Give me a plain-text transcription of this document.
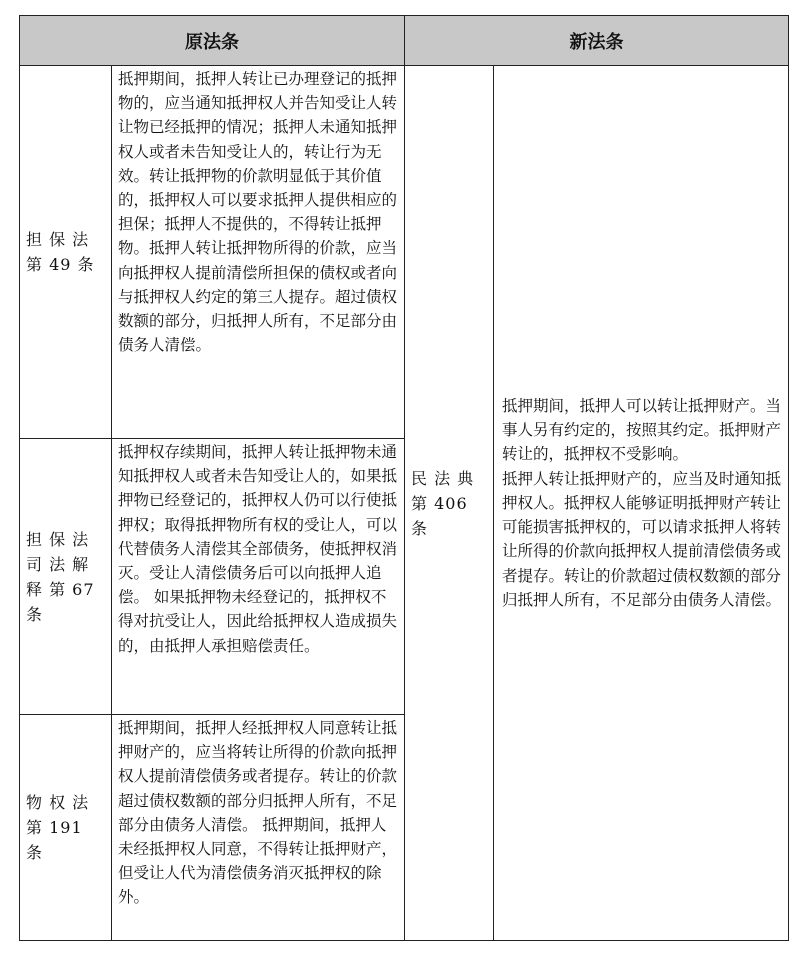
原法条		新法条	
担 保 法 第 49 条	抵押期间，抵押人转让已办理登记的抵押物的，应当通知抵押权人并告知受让人转让物已经抵押的情况；抵押人未通知抵押权人或者未告知受让人的，转让行为无效。转让抵押物的价款明显低于其价值的，抵押权人可以要求抵押人提供相应的担保；抵押人不提供的，不得转让抵押物。抵押人转让抵押物所得的价款，应当向抵押权人提前清偿所担保的债权或者向与抵押权人约定的第三人提存。超过债权数额的部分，归抵押人所有，不足部分由债务人清偿。	民 法 典 第 406 条	抵押期间，抵押人可以转让抵押财产。当事人另有约定的，按照其约定。抵押财产转让的，抵押权不受影响。
抵押人转让抵押财产的，应当及时通知抵押权人。抵押权人能够证明抵押财产转让可能损害抵押权的，可以请求抵押人将转让所得的价款向抵押权人提前清偿债务或者提存。转让的价款超过债权数额的部分归抵押人所有，不足部分由债务人清偿。

担 保 法 司 法 解 释 第 67 条	抵押权存续期间，抵押人转让抵押物未通知抵押权人或者未告知受让人的，如果抵押物已经登记的，抵押权人仍可以行使抵押权；取得抵押物所有权的受让人，可以代替债务人清偿其全部债务，使抵押权消灭。受让人清偿债务后可以向抵押人追偿。 如果抵押物未经登记的，抵押权不得对抗受让人，因此给抵押权人造成损失的，由抵押人承担赔偿责任。		
物 权 法 第 191 条	抵押期间，抵押人经抵押权人同意转让抵押财产的，应当将转让所得的价款向抵押权人提前清偿债务或者提存。转让的价款超过债权数额的部分归抵押人所有，不足部分由债务人清偿。 抵押期间，抵押人未经抵押权人同意，不得转让抵押财产，但受让人代为清偿债务消灭抵押权的除外。		
